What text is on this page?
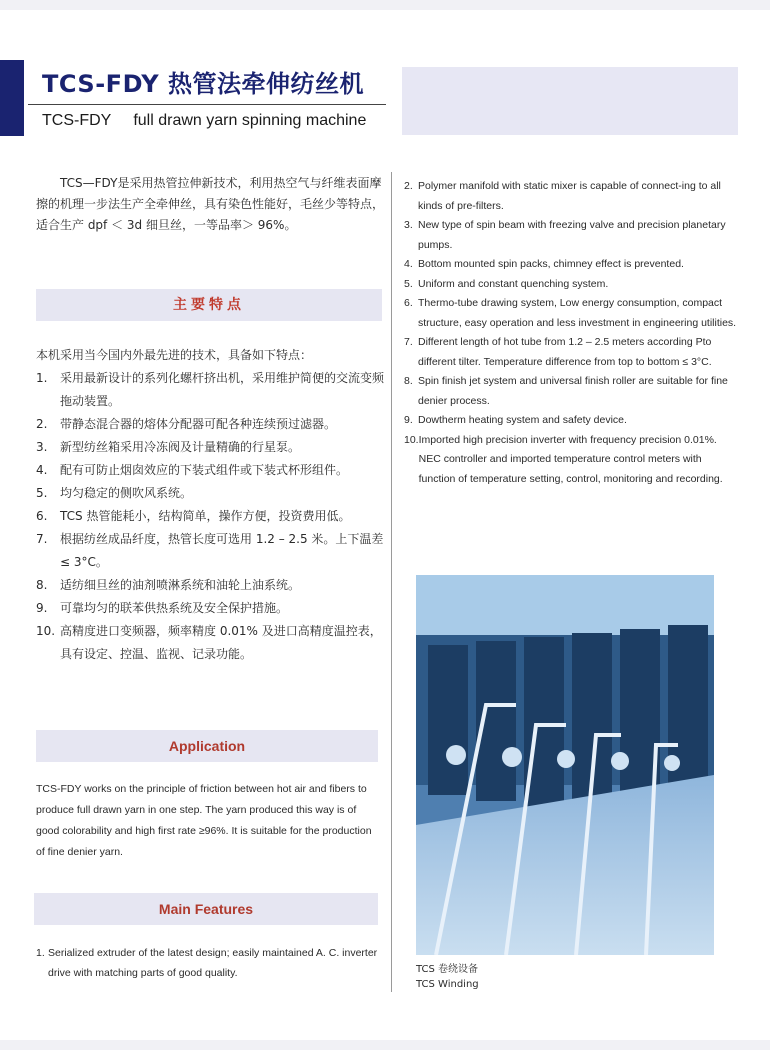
TCS-FDY 热管法牵伸纺丝机
TCS-FDY full drawn yarn spinning machine

TCS—FDY是采用热管拉伸新技术，利用热空气与纤维表面摩擦的机理一步法生产全牵伸丝，具有染色性能好，毛丝少等特点，适合生产 dpf ＜ 3d 细旦丝，一等品率＞ 96%。

主要特点

本机采用当今国内外最先进的技术，具备如下特点：

1.	采用最新设计的系列化螺杆挤出机，采用维护简便的交流变频拖动装置。
2.	带静态混合器的熔体分配器可配各种连续预过滤器。
3.	新型纺丝箱采用冷冻阀及计量精确的行星泵。
4.	配有可防止烟囱效应的下装式组件或下装式杯形组件。
5.	均匀稳定的侧吹风系统。
6.	TCS 热管能耗小，结构简单，操作方便，投资费用低。
7.	根据纺丝成品纤度，热管长度可选用 1.2 – 2.5 米。上下温差≤ 3°C。
8.	适纺细旦丝的油剂喷淋系统和油轮上油系统。
9.	可靠均匀的联苯供热系统及安全保护措施。
10. 高精度进口变频器，频率精度 0.01% 及进口高精度温控表，具有设定、控温、监视、记录功能。
Application

TCS-FDY works on the principle of friction between hot air and fibers to produce full drawn yarn in one step. The yarn produced this way is of good colorability and high first rate ≥96%. It is suitable for the production of fine denier yarn.

Main Features
1. Serialized extruder of the latest design; easily maintained A. C. inverter drive with matching parts of good quality.
2. Polymer manifold with static mixer is capable of connect-ing to all kinds of pre-filters.
3. New type of spin beam with freezing valve and precision planetary pumps.
4. Bottom mounted spin packs, chimney effect is prevented.
5. Uniform and constant quenching system.
6. Thermo-tube drawing system, Low energy consumption, compact structure, easy operation and less investment in engineering utilities.
7. Different length of hot tube from 1.2 – 2.5 meters according Pto different tilter. Temperature difference from top to bottom ≤ 3°C.
8. Spin finish jet system and universal finish roller are suitable for fine denier process.
9. Dowtherm heating system and safety device.
10. Imported high precision inverter with frequency precision 0.01%. NEC controller and imported temperature control meters with function of temperature setting, control, monitoring and recording.
TCS 卷绕设备
TCS Winding
